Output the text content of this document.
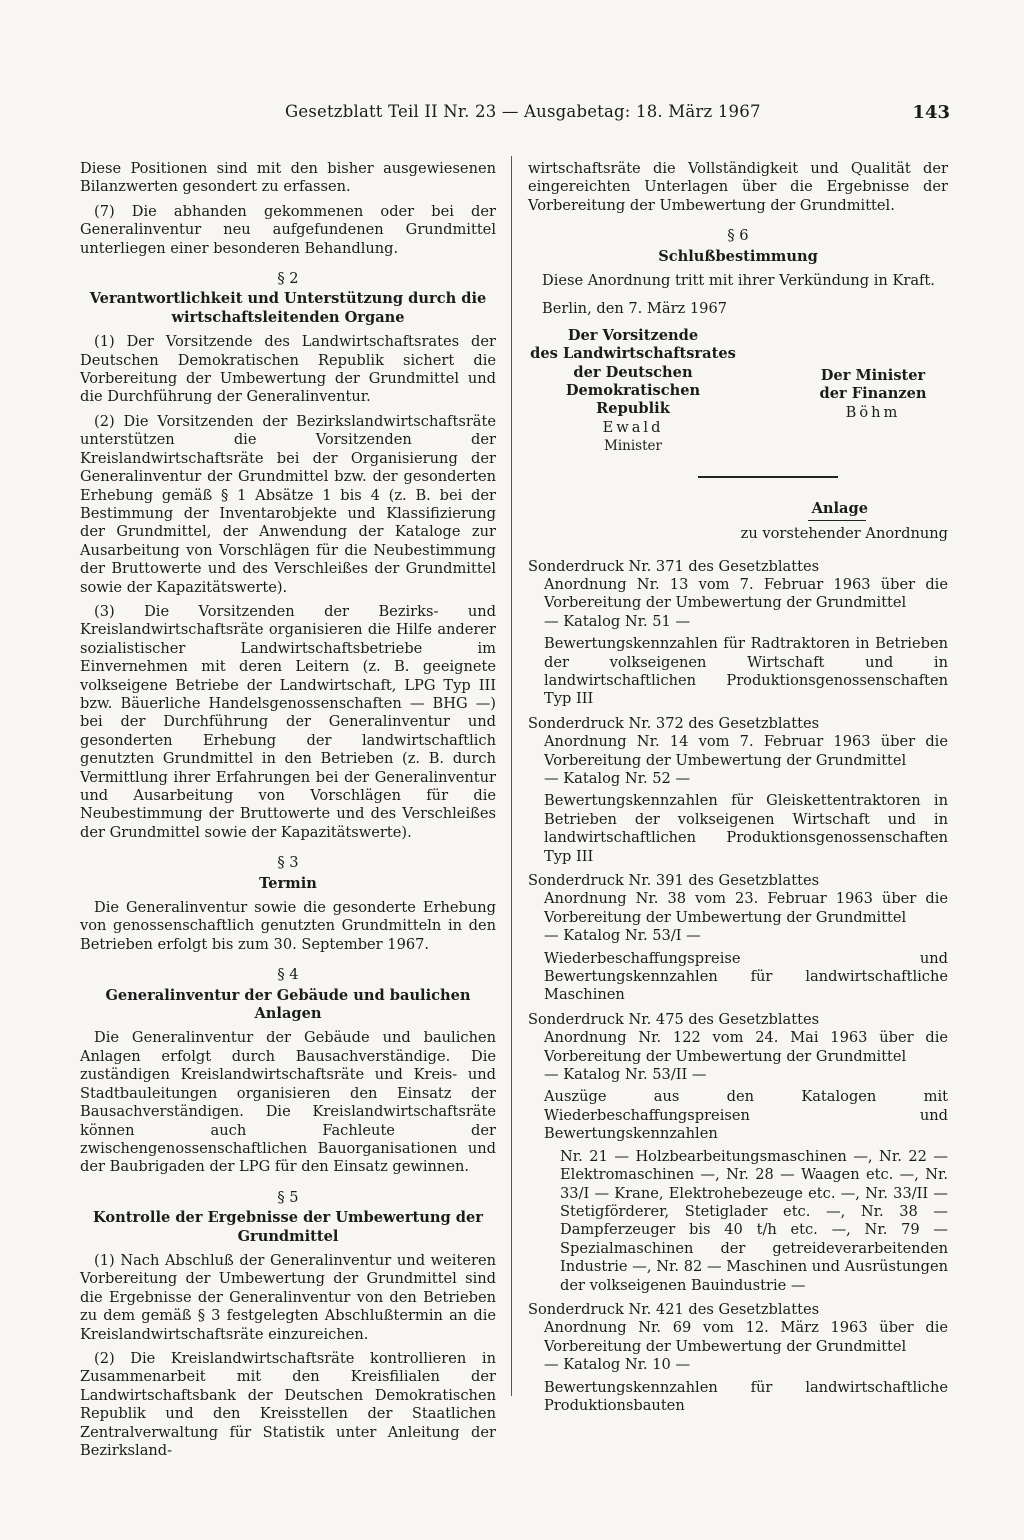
Gesetzblatt Teil II Nr. 23 — Ausgabetag: 18. März 1967	143

Diese Positionen sind mit den bisher ausgewiesenen Bilanzwerten gesondert zu erfassen.

(7) Die abhanden gekommenen oder bei der Generalinventur neu aufgefundenen Grundmittel unterliegen einer besonderen Behandlung.

§ 2
Verantwortlichkeit und Unterstützung durch die wirtschaftsleitenden Organe

(1) Der Vorsitzende des Landwirtschaftsrates der Deutschen Demokratischen Republik sichert die Vorbereitung der Umbewertung der Grundmittel und die Durchführung der Generalinventur.

(2) Die Vorsitzenden der Bezirkslandwirtschaftsräte unterstützen die Vorsitzenden der Kreislandwirtschaftsräte bei der Organisierung der Generalinventur der Grundmittel bzw. der gesonderten Erhebung gemäß § 1 Absätze 1 bis 4 (z. B. bei der Bestimmung der Inventarobjekte und Klassifizierung der Grundmittel, der Anwendung der Kataloge zur Ausarbeitung von Vorschlägen für die Neubestimmung der Bruttowerte und des Verschleißes der Grundmittel sowie der Kapazitätswerte).

(3) Die Vorsitzenden der Bezirks- und Kreislandwirtschaftsräte organisieren die Hilfe anderer sozialistischer Landwirtschaftsbetriebe im Einvernehmen mit deren Leitern (z. B. geeignete volkseigene Betriebe der Landwirtschaft, LPG Typ III bzw. Bäuerliche Handelsgenossenschaften — BHG —) bei der Durchführung der Generalinventur und gesonderten Erhebung der landwirtschaftlich genutzten Grundmittel in den Betrieben (z. B. durch Vermittlung ihrer Erfahrungen bei der Generalinventur und Ausarbeitung von Vorschlägen für die Neubestimmung der Bruttowerte und des Verschleißes der Grundmittel sowie der Kapazitätswerte).

§ 3
Termin

Die Generalinventur sowie die gesonderte Erhebung von genossenschaftlich genutzten Grundmitteln in den Betrieben erfolgt bis zum 30. September 1967.

§ 4
Generalinventur der Gebäude und baulichen Anlagen

Die Generalinventur der Gebäude und baulichen Anlagen erfolgt durch Bausachverständige. Die zuständigen Kreislandwirtschaftsräte und Kreis- und Stadtbauleitungen organisieren den Einsatz der Bausachverständigen. Die Kreislandwirtschaftsräte können auch Fachleute der zwischengenossenschaftlichen Bauorganisationen und der Baubrigaden der LPG für den Einsatz gewinnen.

§ 5
Kontrolle der Ergebnisse der Umbewertung der Grundmittel

(1) Nach Abschluß der Generalinventur und weiteren Vorbereitung der Umbewertung der Grundmittel sind die Ergebnisse der Generalinventur von den Betrieben zu dem gemäß § 3 festgelegten Abschlußtermin an die Kreislandwirtschaftsräte einzureichen.

(2) Die Kreislandwirtschaftsräte kontrollieren in Zusammenarbeit mit den Kreisfilialen der Landwirtschaftsbank der Deutschen Demokratischen Republik und den Kreisstellen der Staatlichen Zentralverwaltung für Statistik unter Anleitung der Bezirksland-

wirtschaftsräte die Vollständigkeit und Qualität der eingereichten Unterlagen über die Ergebnisse der Vorbereitung der Umbewertung der Grundmittel.

§ 6
Schlußbestimmung

Diese Anordnung tritt mit ihrer Verkündung in Kraft.

Berlin, den 7. März 1967

Der Vorsitzende
des Landwirtschaftsrates
der Deutschen
Demokratischen Republik
Ewald
Minister
Der Minister
der Finanzen
Böhm

Anlage

zu vorstehender Anordnung

Sonderdruck Nr. 371 des Gesetzblattes

Anordnung Nr. 13 vom 7. Februar 1963 über die Vorbereitung der Umbewertung der Grundmittel

— Katalog Nr. 51 —

Bewertungskennzahlen für Radtraktoren in Betrieben der volkseigenen Wirtschaft und in landwirtschaftlichen Produktionsgenossenschaften Typ III

Sonderdruck Nr. 372 des Gesetzblattes

Anordnung Nr. 14 vom 7. Februar 1963 über die Vorbereitung der Umbewertung der Grundmittel

— Katalog Nr. 52 —

Bewertungskennzahlen für Gleiskettentraktoren in Betrieben der volkseigenen Wirtschaft und in landwirtschaftlichen Produktionsgenossenschaften Typ III

Sonderdruck Nr. 391 des Gesetzblattes

Anordnung Nr. 38 vom 23. Februar 1963 über die Vorbereitung der Umbewertung der Grundmittel

— Katalog Nr. 53/I —

Wiederbeschaffungspreise und Bewertungskennzahlen für landwirtschaftliche Maschinen

Sonderdruck Nr. 475 des Gesetzblattes

Anordnung Nr. 122 vom 24. Mai 1963 über die Vorbereitung der Umbewertung der Grundmittel

— Katalog Nr. 53/II —

Auszüge aus den Katalogen mit Wiederbeschaffungspreisen und Bewertungskennzahlen

Nr. 21 — Holzbearbeitungsmaschinen —, Nr. 22 — Elektromaschinen —, Nr. 28 — Waagen etc. —, Nr. 33/I — Krane, Elektrohebezeuge etc. —, Nr. 33/II — Stetigförderer, Stetiglader etc. —, Nr. 38 — Dampferzeuger bis 40 t/h etc. —, Nr. 79 — Spezialmaschinen der getreideverarbeitenden Industrie —, Nr. 82 — Maschinen und Ausrüstungen der volkseigenen Bauindustrie —

Sonderdruck Nr. 421 des Gesetzblattes

Anordnung Nr. 69 vom 12. März 1963 über die Vorbereitung der Umbewertung der Grundmittel

— Katalog Nr. 10 —

Bewertungskennzahlen für landwirtschaftliche Produktionsbauten
